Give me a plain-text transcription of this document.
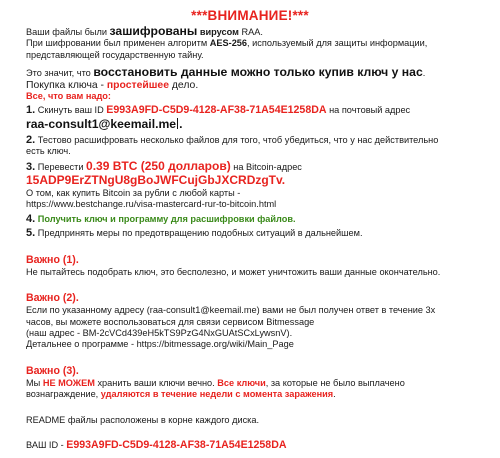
***ВНИМАНИЕ!***
Ваши файлы были зашифрованы вирусом RAA.
При шифровании был применен алгоритм AES-256, используемый для защиты информации,
представляющей государственную тайну.
Это значит, что восстановить данные можно только купив ключ у нас.
Покупка ключа - простейшее дело.
Все, что вам надо:
1. Скинуть ваш ID E993A9FD-C5D9-4128-AF38-71A54E1258DA на почтовый адрес
raa-consult1@keemail.me .
2. Тестово расшифровать несколько файлов для того, чтоб убедиться, что у нас действительно
есть ключ.
3. Перевести 0.39 BTC (250 долларов) на Bitcoin-адрес
15ADP9ErZTNgU8gBoJWFCujGbJXCRDzgTv.
О том, как купить Bitcoin за рубли с любой карты -
https://www.bestchange.ru/visa-mastercard-rur-to-bitcoin.html
4. Получить ключ и программу для расшифровки файлов.
5. Предпринять меры по предотвращению подобных ситуаций в дальнейшем.
Важно (1).
Не пытайтесь подобрать ключ, это бесполезно, и может уничтожить ваши данные окончательно.
Важно (2).
Если по указанному адресу (raa-consult1@keemail.me) вами не был получен ответ в течение 3х
часов, вы можете воспользоваться для связи сервисом Bitmessage
(наш адрес - BM-2cVCd439eH5kTS9PzG4NxGUAtSCxLywsnV).
Детальнее о программе - https://bitmessage.org/wiki/Main_Page
Важно (3).
Мы НЕ МОЖЕМ хранить ваши ключи вечно. Все ключи, за которые не было выплачено
вознаграждение, удаляются в течение недели с момента заражения.
README файлы расположены в корне каждого диска.
ВАШ ID - E993A9FD-C5D9-4128-AF38-71A54E1258DA
